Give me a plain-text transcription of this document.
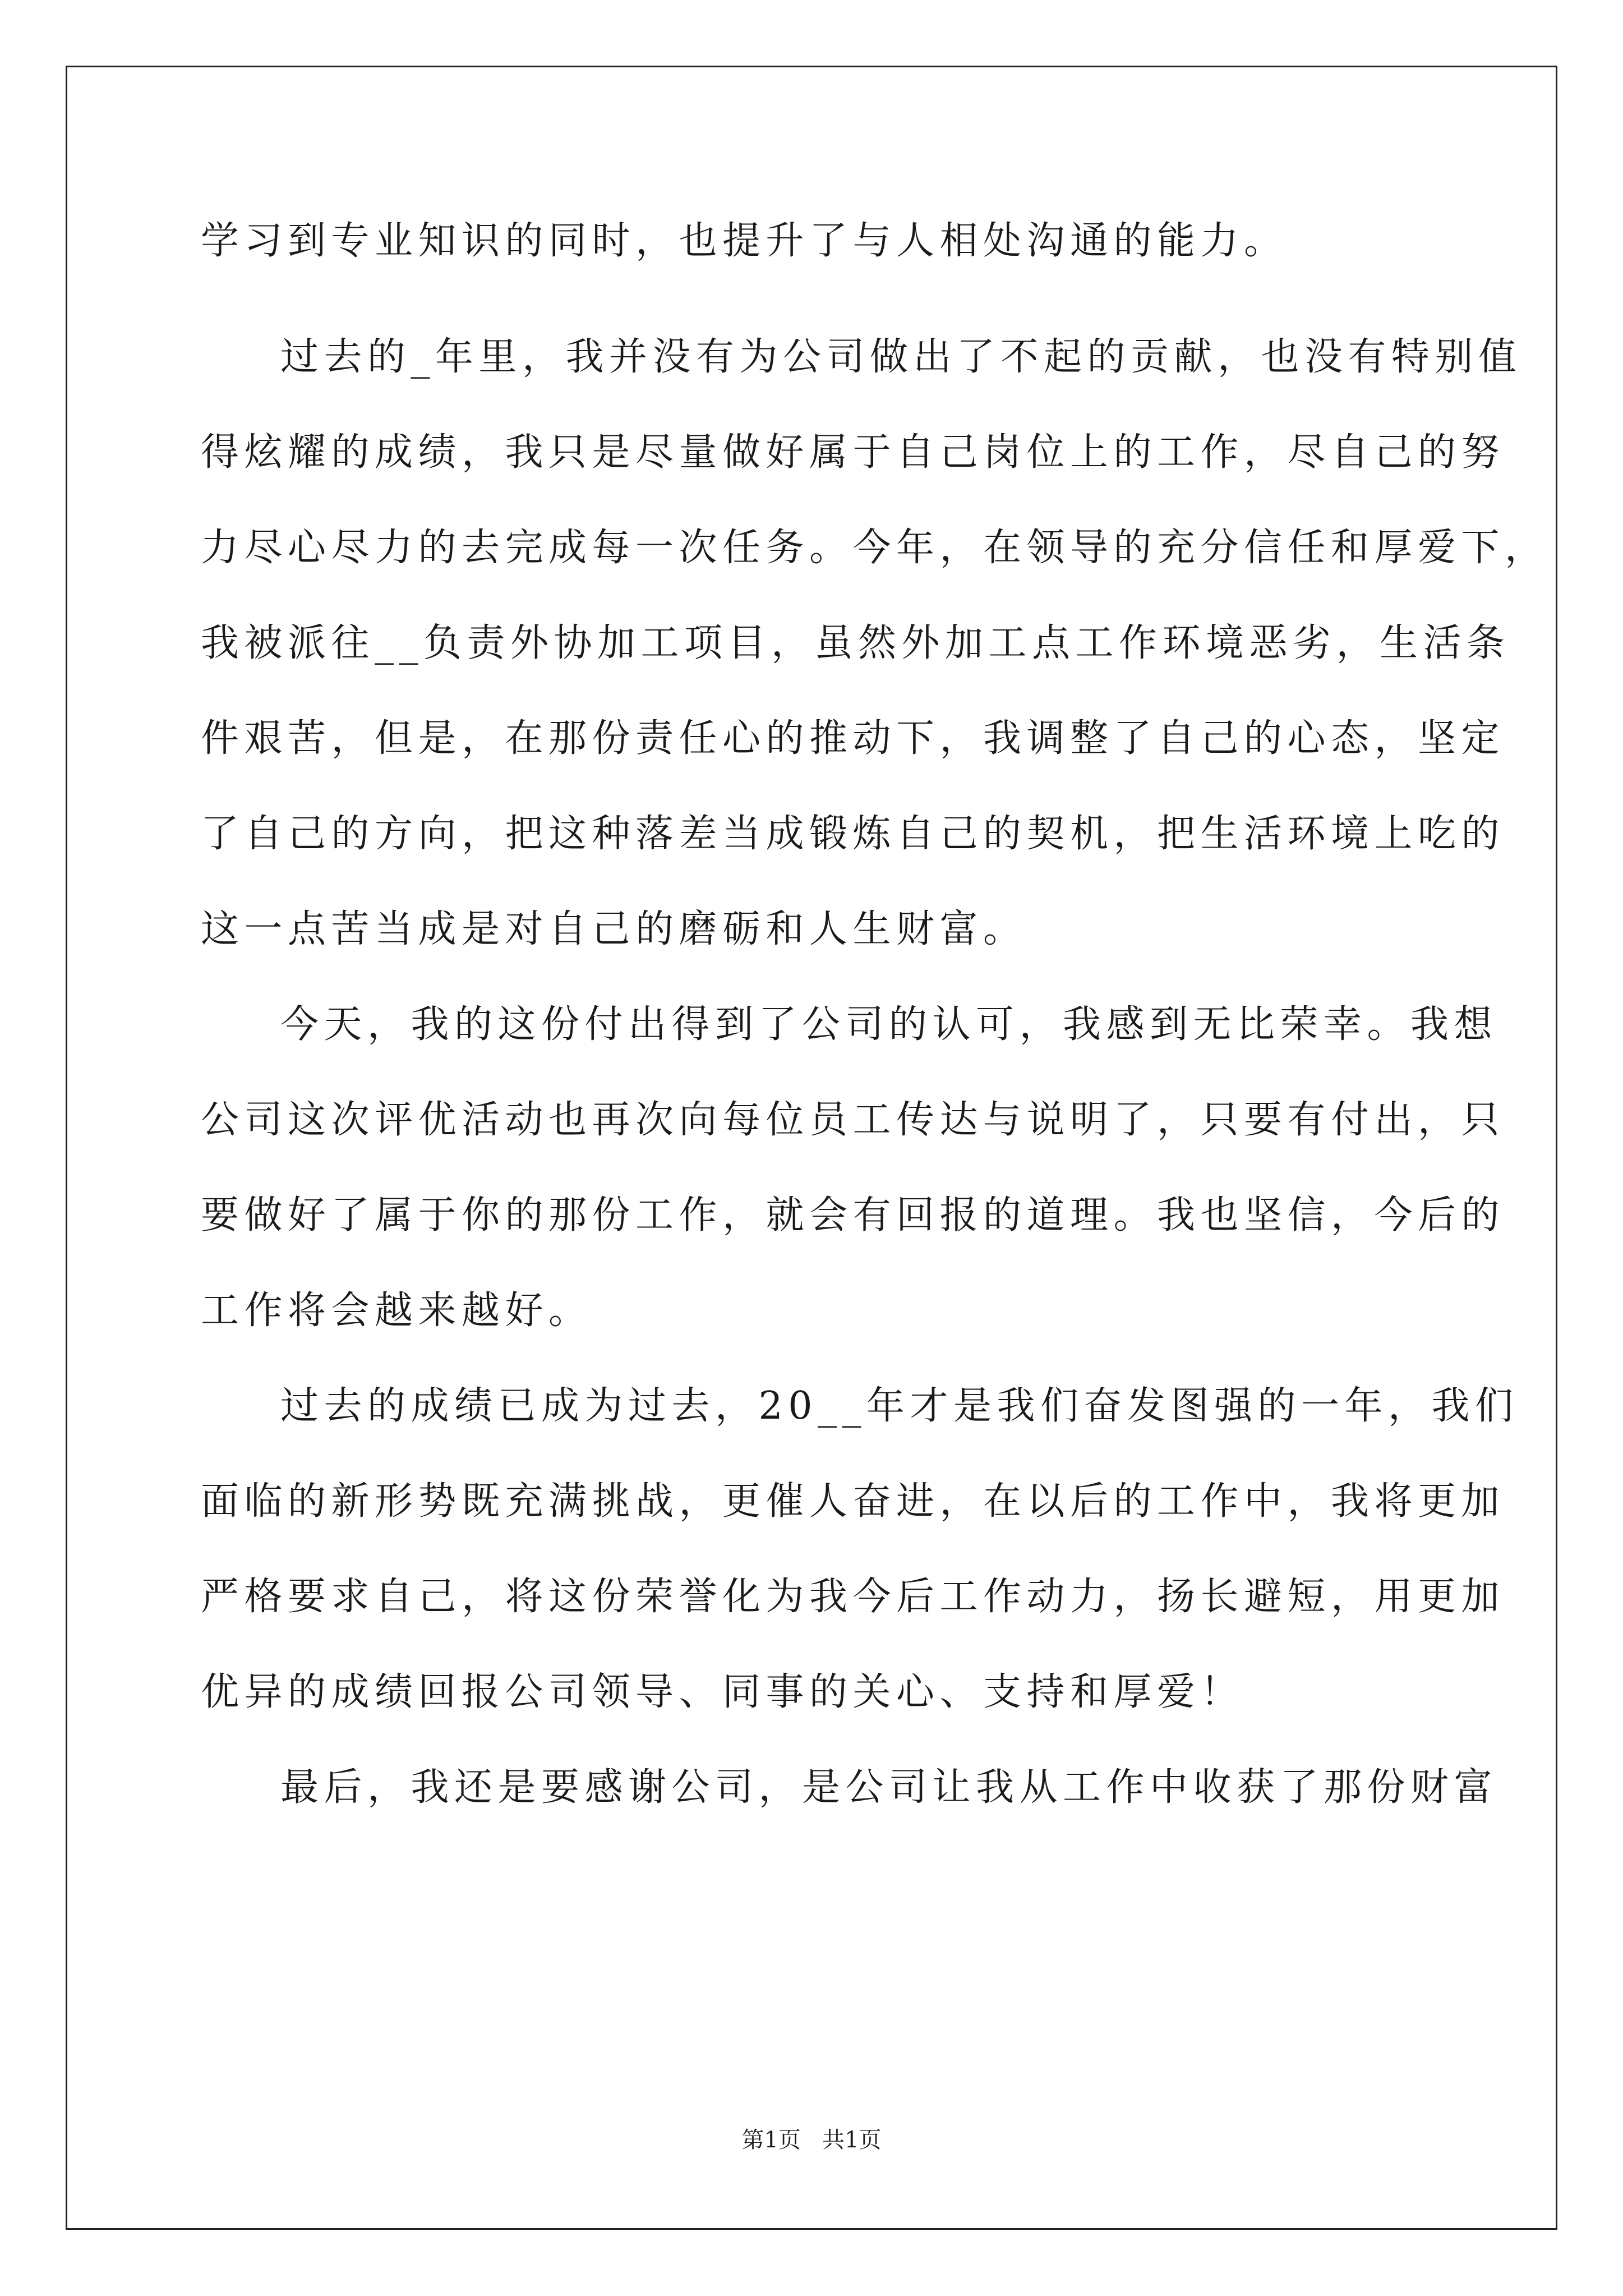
学习到专业知识的同时，也提升了与人相处沟通的能力。
过去的_年里，我并没有为公司做出了不起的贡献，也没有特别值
得炫耀的成绩，我只是尽量做好属于自己岗位上的工作，尽自己的努
力尽心尽力的去完成每一次任务。今年，在领导的充分信任和厚爱下，
我被派往__负责外协加工项目，虽然外加工点工作环境恶劣，生活条
件艰苦，但是，在那份责任心的推动下，我调整了自己的心态，坚定
了自己的方向，把这种落差当成锻炼自己的契机，把生活环境上吃的
这一点苦当成是对自己的磨砺和人生财富。
今天，我的这份付出得到了公司的认可，我感到无比荣幸。我想
公司这次评优活动也再次向每位员工传达与说明了，只要有付出，只
要做好了属于你的那份工作，就会有回报的道理。我也坚信，今后的
工作将会越来越好。
过去的成绩已成为过去，20__年才是我们奋发图强的一年，我们
面临的新形势既充满挑战，更催人奋进，在以后的工作中，我将更加
严格要求自己，将这份荣誉化为我今后工作动力，扬长避短，用更加
优异的成绩回报公司领导、同事的关心、支持和厚爱！
最后，我还是要感谢公司，是公司让我从工作中收获了那份财富
第1页   共1页
